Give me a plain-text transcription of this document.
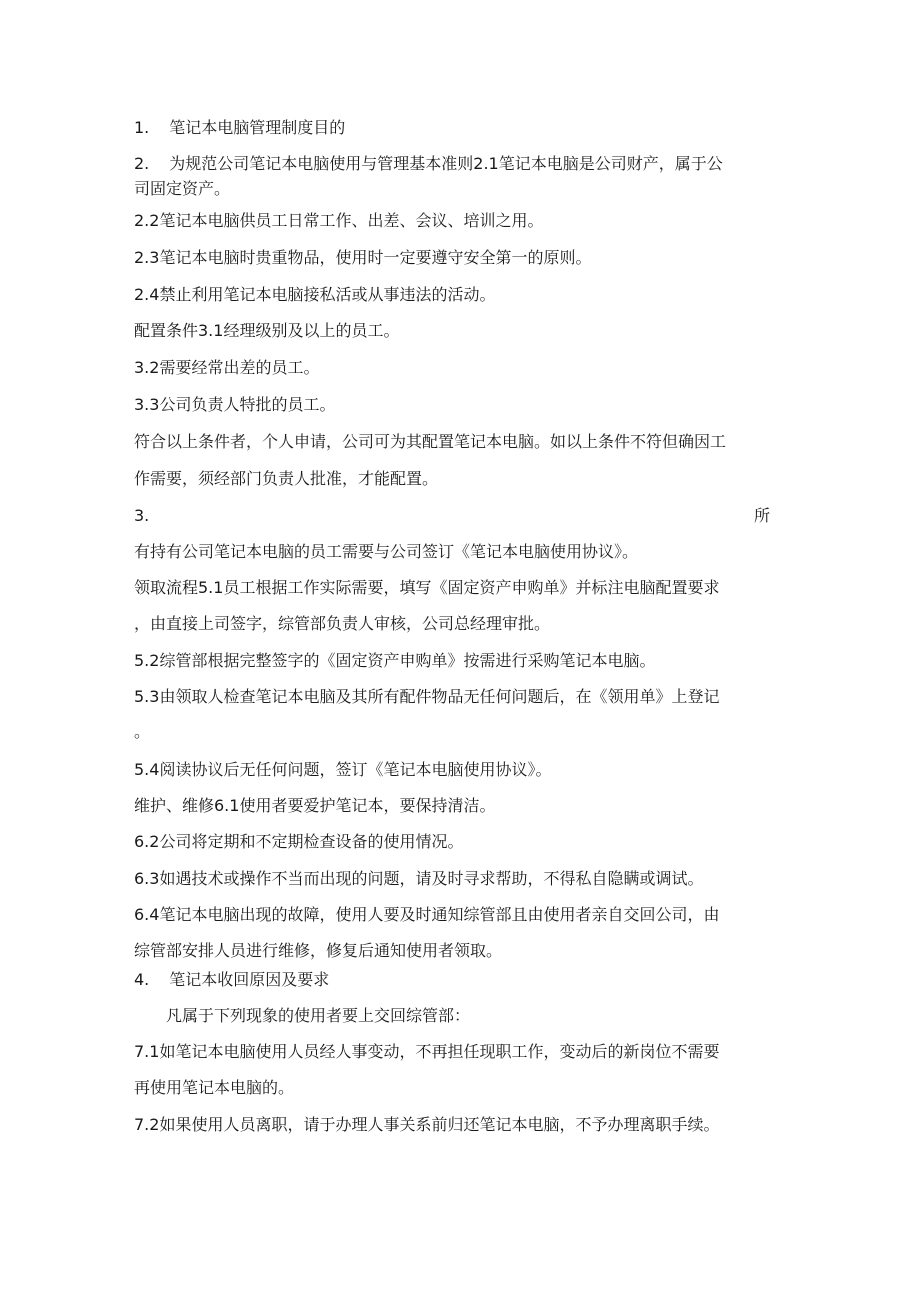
1. 笔记本电脑管理制度目的
2. 为规范公司笔记本电脑使用与管理基本准则2.1笔记本电脑是公司财产，属于公
司固定资产。
2.2笔记本电脑供员工日常工作、出差、会议、培训之用。
2.3笔记本电脑时贵重物品，使用时一定要遵守安全第一的原则。
2.4禁止利用笔记本电脑接私活或从事违法的活动。
配置条件3.1经理级别及以上的员工。
3.2需要经常出差的员工。
3.3公司负责人特批的员工。
符合以上条件者，个人申请，公司可为其配置笔记本电脑。如以上条件不符但确因工
作需要，须经部门负责人批准，才能配置。
3.	所
有持有公司笔记本电脑的员工需要与公司签订《笔记本电脑使用协议》。
领取流程5.1员工根据工作实际需要，填写《固定资产申购单》并标注电脑配置要求
，由直接上司签字，综管部负责人审核，公司总经理审批。
5.2综管部根据完整签字的《固定资产申购单》按需进行采购笔记本电脑。
5.3由领取人检查笔记本电脑及其所有配件物品无任何问题后，在《领用单》上登记
。
5.4阅读协议后无任何问题，签订《笔记本电脑使用协议》。
维护、维修6.1使用者要爱护笔记本，要保持清洁。
6.2公司将定期和不定期检查设备的使用情况。
6.3如遇技术或操作不当而出现的问题，请及时寻求帮助，不得私自隐瞒或调试。
6.4笔记本电脑出现的故障，使用人要及时通知综管部且由使用者亲自交回公司，由
综管部安排人员进行维修，修复后通知使用者领取。
4. 笔记本收回原因及要求
凡属于下列现象的使用者要上交回综管部：
7.1如笔记本电脑使用人员经人事变动，不再担任现职工作，变动后的新岗位不需要
再使用笔记本电脑的。
7.2如果使用人员离职，请于办理人事关系前归还笔记本电脑，不予办理离职手续。
